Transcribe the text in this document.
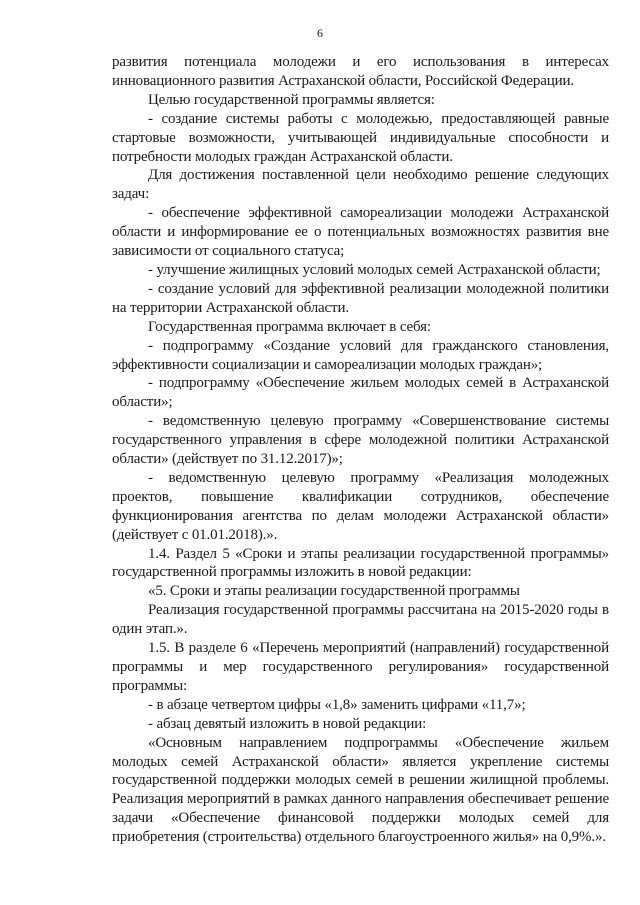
6

развития потенциала молодежи и его использования в интересах инновационного развития Астраханской области, Российской Федерации.

Целью государственной программы является:

- создание системы работы с молодежью, предоставляющей равные стартовые возможности, учитывающей индивидуальные способности и потребности молодых граждан Астраханской области.

Для достижения поставленной цели необходимо решение следующих задач:

- обеспечение эффективной самореализации молодежи Астраханской области и информирование ее о потенциальных возможностях развития вне зависимости от социального статуса;

- улучшение жилищных условий молодых семей Астраханской области;

- создание условий для эффективной реализации молодежной политики на территории Астраханской области.

Государственная программа включает в себя:

- подпрограмму «Создание условий для гражданского становления, эффективности социализации и самореализации молодых граждан»;

- подпрограмму «Обеспечение жильем молодых семей в Астраханской области»;

- ведомственную целевую программу «Совершенствование системы государственного управления в сфере молодежной политики Астраханской области» (действует по 31.12.2017)»;

- ведомственную целевую программу «Реализация молодежных проектов, повышение квалификации сотрудников, обеспечение функционирования агентства по делам молодежи Астраханской области» (действует с 01.01.2018).».

1.4. Раздел 5 «Сроки и этапы реализации государственной программы» государственной программы изложить в новой редакции:

«5. Сроки и этапы реализации государственной программы

Реализация государственной программы рассчитана на 2015-2020 годы в один этап.».

1.5. В разделе 6 «Перечень мероприятий (направлений) государственной программы и мер государственного регулирования» государственной программы:

- в абзаце четвертом цифры «1,8» заменить цифрами «11,7»;

- абзац девятый изложить в новой редакции:

«Основным направлением подпрограммы «Обеспечение жильем молодых семей Астраханской области» является укрепление системы государственной поддержки молодых семей в решении жилищной проблемы. Реализация мероприятий в рамках данного направления обеспечивает решение задачи «Обеспечение финансовой поддержки молодых семей для приобретения (строительства) отдельного благоустроенного жилья» на 0,9%.».
